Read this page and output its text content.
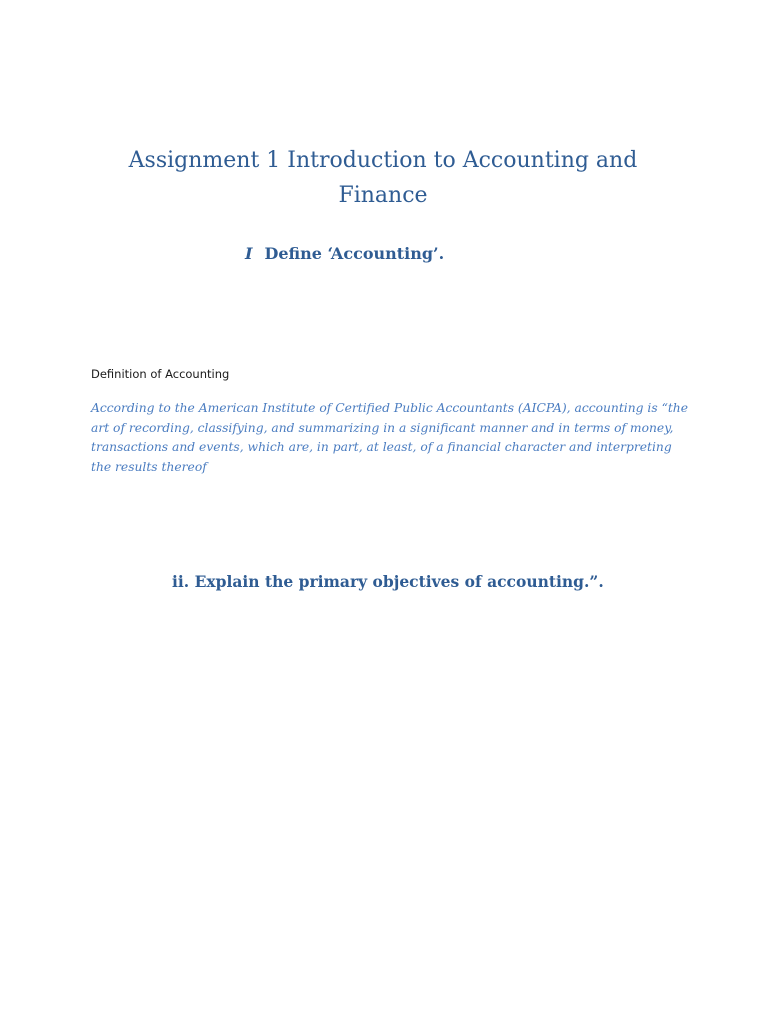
Assignment 1 Introduction to Accounting and
Finance

I Define ‘Accounting’.

Definition of Accounting

According to the American Institute of Certified Public Accountants (AICPA), accounting is “the
art of recording, classifying, and summarizing in a significant manner and in terms of money,
transactions and events, which are, in part, at least, of a financial character and interpreting
the results thereof

ii. Explain the primary objectives of accounting.”.
